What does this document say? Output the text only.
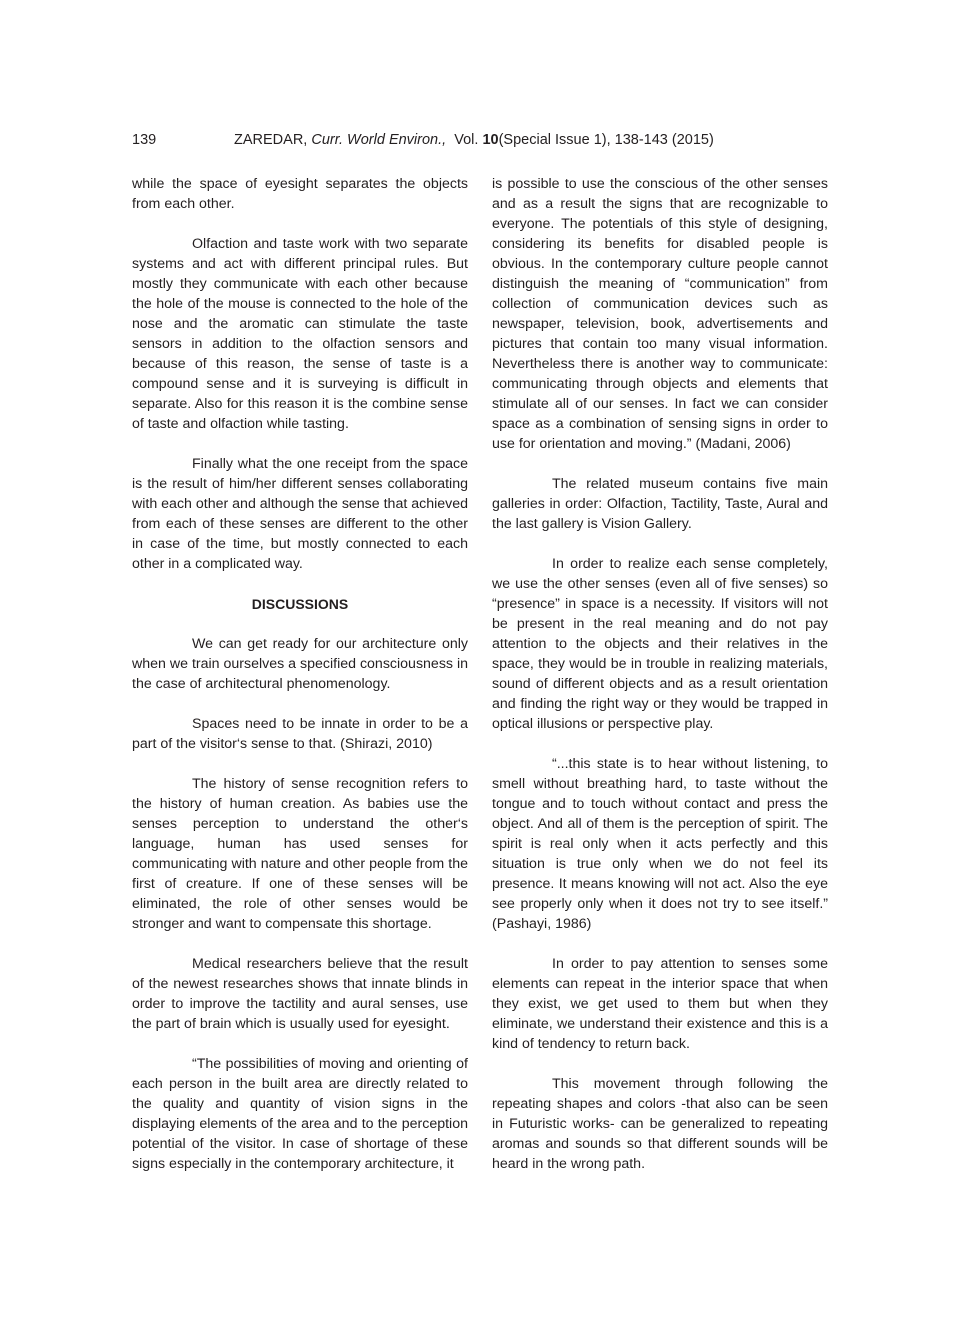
139	ZAREDAR, Curr. World Environ.,  Vol. 10(Special Issue 1), 138-143 (2015)

while the space of eyesight separates the objects from each other.

Olfaction and taste work with two separate systems and act with different principal rules. But mostly they communicate with each other because the hole of the mouse is connected to the hole of the nose and the aromatic can stimulate the taste sensors in addition to the olfaction sensors and because of this reason, the sense of taste is a compound sense and it is surveying is difficult in separate. Also for this reason it is the combine sense of taste and olfaction while tasting.

Finally what the one receipt from the space is the result of him/her different senses collaborating with each other and although the sense that achieved from each of these senses are different to the other in case of the time, but mostly connected to each other in a complicated way.

DISCUSSIONS

We can get ready for our architecture only when we train ourselves a specified consciousness in the case of architectural phenomenology.

Spaces need to be innate in order to be a part of the visitor‘s sense to that. (Shirazi, 2010)

The history of sense recognition refers to the history of human creation. As babies use the senses perception to understand the other‘s language, human has used senses for communicating with nature and other people from the first of creature. If one of these senses will be eliminated, the role of other senses would be stronger and want to compensate this shortage.

Medical researchers believe that the result of the newest researches shows that innate blinds in order to improve the tactility and aural senses, use the part of brain which is usually used for eyesight.

“The possibilities of moving and orienting of each person in the built area are directly related to the quality and quantity of vision signs in the displaying elements of the area and to the perception potential of the visitor. In case of shortage of these signs especially in the contemporary architecture, it

is possible to use the conscious of the other senses and as a result the signs that are recognizable to everyone. The potentials of this style of designing, considering its benefits for disabled people is obvious. In the contemporary culture people cannot distinguish the meaning of “communication” from collection of communication devices such as newspaper, television, book, advertisements and pictures that contain too many visual information. Nevertheless there is another way to communicate: communicating through objects and elements that stimulate all of our senses. In fact we can consider space as a combination of sensing signs in order to use for orientation and moving.” (Madani, 2006)

The related museum contains five main galleries in order: Olfaction, Tactility, Taste, Aural and the last gallery is Vision Gallery.

In order to realize each sense completely, we use the other senses (even all of five senses) so “presence” in space is a necessity. If visitors will not be present in the real meaning and do not pay attention to the objects and their relatives in the space, they would be in trouble in realizing materials, sound of different objects and as a result orientation and finding the right way or they would be trapped in optical illusions or perspective play.

“...this state is to hear without listening, to smell without breathing hard, to taste without the tongue and to touch without contact and press the object. And all of them is the perception of spirit. The spirit is real only when it acts perfectly and this situation is true only when we do not feel its presence. It means knowing will not act. Also the eye see properly only when it does not try to see itself.” (Pashayi, 1986)

In order to pay attention to senses some elements can repeat in the interior space that when they exist, we get used to them but when they eliminate, we understand their existence and this is a kind of tendency to return back.

This movement through following the repeating shapes and colors -that also can be seen in Futuristic works- can be generalized to repeating aromas and sounds so that different sounds will be heard in the wrong path.
